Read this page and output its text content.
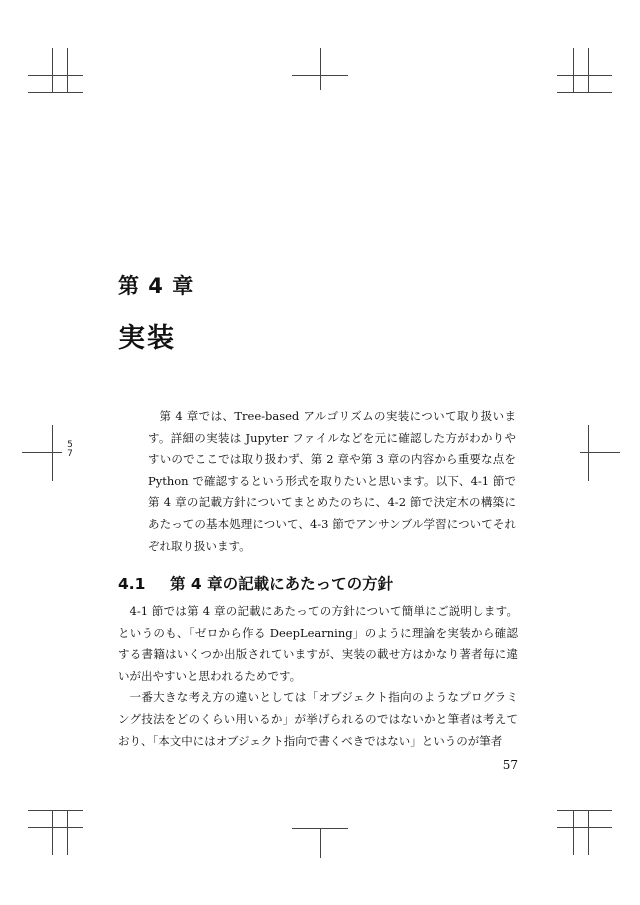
5
7
第 4 章
実装

第 4 章では、Tree-based アルゴリズムの実装について取り扱います。詳細の実装は Jupyter ファイルなどを元に確認した方がわかりやすいのでここでは取り扱わず、第 2 章や第 3 章の内容から重要な点を Python で確認するという形式を取りたいと思います。以下、4-1 節で第 4 章の記載方針についてまとめたのちに、4-2 節で決定木の構築にあたっての基本処理について、4-3 節でアンサンブル学習についてそれぞれ取り扱います。

4.1 第 4 章の記載にあたっての方針

4-1 節では第 4 章の記載にあたっての方針について簡単にご説明します。というのも、「ゼロから作る DeepLearning」のように理論を実装から確認する書籍はいくつか出版されていますが、実装の載せ方はかなり著者毎に違いが出やすいと思われるためです。

一番大きな考え方の違いとしては「オブジェクト指向のようなプログラミング技法をどのくらい用いるか」が挙げられるのではないかと筆者は考えており、「本文中にはオブジェクト指向で書くべきではない」というのが筆者

57
